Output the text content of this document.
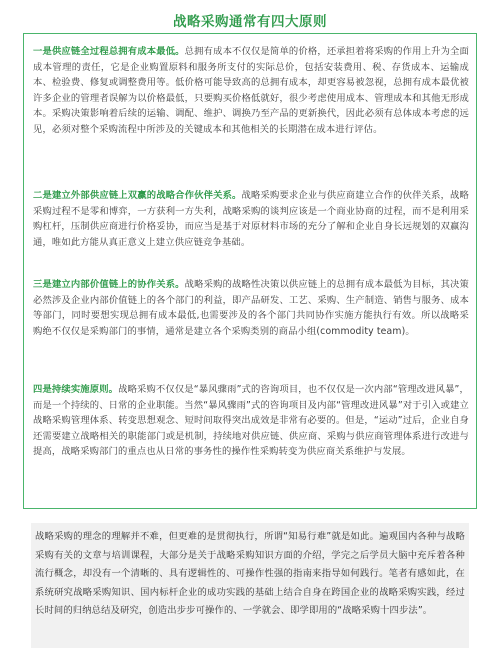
战略采购通常有四大原则
一是供应链全过程总拥有成本最低。总拥有成本不仅仅是简单的价格，还承担着将采购的作用上升为全面成本管理的责任，它是企业购置原料和服务所支付的实际总价，包括安装费用、税、存货成本、运输成本、检验费、修复或调整费用等。低价格可能导致高的总拥有成本，却更容易被忽视，总拥有成本最优被许多企业的管理者误解为以价格最低，只要购买价格低就好，很少考虑使用成本、管理成本和其他无形成本。采购决策影响着后续的运输、调配、维护、调换乃至产品的更新换代，因此必须有总体成本考虑的远见，必须对整个采购流程中所涉及的关键成本和其他相关的长期潜在成本进行评估。
二是建立外部供应链上双赢的战略合作伙伴关系。战略采购要求企业与供应商建立合作的伙伴关系，战略采购过程不是零和博弈，一方获利一方失利，战略采购的谈判应该是一个商业协商的过程，而不是利用采购杠杆，压制供应商进行价格妥协，而应当是基于对原材料市场的充分了解和企业自身长远规划的双赢沟通，唯如此方能从真正意义上建立供应链竞争基础。
三是建立内部价值链上的协作关系。战略采购的战略性决策以供应链上的总拥有成本最低为目标，其决策必然涉及企业内部价值链上的各个部门的利益，即产品研发、工艺、采购、生产制造、销售与服务、成本等部门，同时要想实现总拥有成本最低,也需要涉及的各个部门共同协作实施方能执行有效。所以战略采购绝不仅仅是采购部门的事情，通常是建立各个采购类别的商品小组(commodity team)。
四是持续实施原则。战略采购不仅仅是“暴风骤雨”式的咨询项目，也不仅仅是一次内部“管理改进风暴”，而是一个持续的、日常的企业职能。当然“暴风骤雨”式的咨询项目及内部“管理改进风暴”对于引入或建立战略采购管理体系、转变思想观念、短时间取得突出成效是非常有必要的。但是，“运动”过后，企业自身还需要建立战略相关的职能部门或是机制，持续地对供应链、供应商、采购与供应商管理体系进行改进与提高，战略采购部门的重点也从日常的事务性的操作性采购转变为供应商关系维护与发展。
战略采购的理念的理解并不难，但更难的是贯彻执行，所谓“知易行难”就是如此。遍观国内各种与战略采购有关的文章与培训课程，大部分是关于战略采购知识方面的介绍，学完之后学员大脑中充斥着各种流行概念，却没有一个清晰的、具有逻辑性的、可操作性强的指南来指导如何践行。笔者有感如此，在系统研究战略采购知识、国内标杆企业的成功实践的基础上结合自身在跨国企业的战略采购实践，经过长时间的归纳总结及研究，创造出步步可操作的、一学就会、即学即用的“战略采购十四步法”。
